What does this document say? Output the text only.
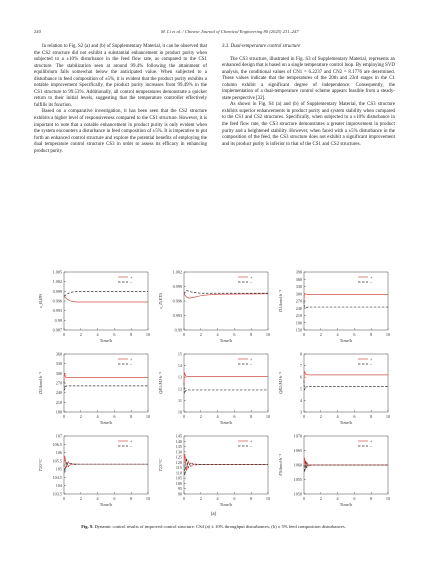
240	M. Li et al. / Chinese Journal of Chemical Engineering 80 (2025) 231–247

In relation to Fig. S2 (a) and (b) of Supplementary Material, it can be observed that the CS2 structure did not exhibit a substantial enhancement in product purity when subjected to a ±10% disturbance in the feed flow rate, as compared to the CS1 structure. The stabilization seen at around 99.4% following the attainment of equilibrium falls somewhat below the anticipated value. When subjected to a disturbance in feed composition of ±5%, it is evident that the product purity exhibits a notable improvement Specifically, the product purity increases from 99.49% in the CS1 structure to 99.53%. Additionally, all control temperatures demonstrate a quicker return to their initial levels, suggesting that the temperature controller effectively fulfills its function.

Based on a comparative investigation, it has been seen that the CS2 structure exhibits a higher level of responsiveness compared to the CS1 structure. However, it is important to note that a notable enhancement in product purity is only evident when the system encounters a disturbance in feed composition of ±5%. It is imperative to put forth an enhanced control structure and explore the potential benefits of employing the dual temperature control structure CS3 in order to assess its efficacy in enhancing product purity.

3.3. Dual-temperature control structure

The CS3 structure, illustrated in Fig. S3 of Supplementary Material, represents an enhanced design that is based on a single temperature control loop. By employing SVD analysis, the conditional values of CN1 = 6.2237 and CN2 = 8.1776 are determined. These values indicate that the temperatures of the 20th and 23rd stages in the C1 column exhibit a significant degree of independence. Consequently, the implementation of a dual-temperature control scheme appears feasible from a steady-state perspective [32].

As shown in Fig. S4 (a) and (b) of Supplementary Material, the CS3 structure exhibits superior enhancements in product purity and system stability when compared to the CS1 and CS2 structures. Specifically, when subjected to a ±10% disturbance in the feed flow rate, the CS3 structure demonstrates a greater improvement in product purity and a heightened stability. However, when faced with a ±5% disturbance in the composition of the feed, the CS3 structure does not exhibit a significant improvement and its product purity is inferior to that of the CS1 and CS2 structures.

0.987
0.99
0.993
0.996
0.999
1.002
1.005
0	2	4	6	8	10
Time/h
x_B,IPA
+
−
0.99
0.993
0.996
0.999
1.002
0	2	4	6	8	10
Time/h
x_D,ETA
+
−
150
180
210
240
270
300
330
360
390
0	2	4	6	8	10
Time/h
D1/kmol·h⁻¹
+
−
180
210
240
270
300
330
360
0	2	4	6	8	10
Time/h
D2/kmol·h⁻¹
+
−
10
11
12
13
14
15
0	2	4	6	8	10
Time/h
QR1/MJ·h⁻¹
+
−
3
4
5
6
7
8
0	2	4	6	8	10
Time/h
QR2/MJ·h⁻¹
+
−
103.5
104
104.5
105
105.5
106
106.5
107
0	2	4	6	8	10
Time/h
T20/°C
+
−
90
95
100
105
110
115
120
125
130
135
140
145
0	2	4	6	8	10
Time/h
T23/°C
+
−
1050
1055
1060
1065
1070
0	2	4	6	8	10
Time/h
FS/kmol·h⁻¹
+
−
(a)
Fig. 9. Dynamic control results of improved control structure. CS4 (a) ± 10% throughput disturbances; (b) ± 5% feed composition disturbances.
